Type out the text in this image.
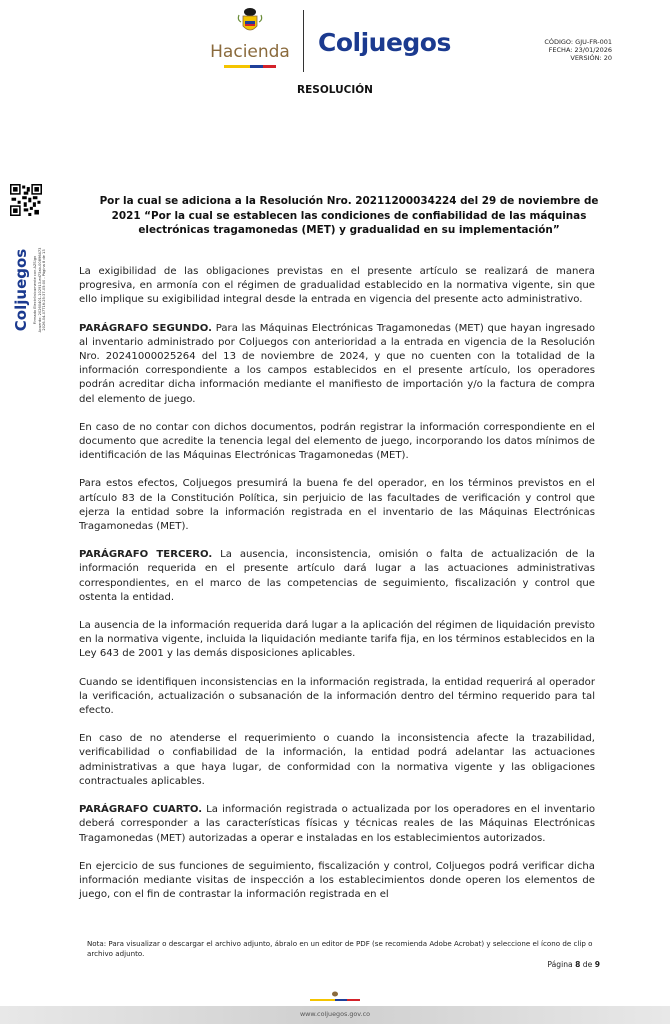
Hacienda	Coljuegos	CÓDIGO: GJU-FR-001
FECHA: 23/01/2026
VERSIÓN: 20
RESOLUCIÓN
Coljuegos Firmado Electrónicamente con AZSign Acuerdo: 20260401-102913-ed73ab-00896473 2026-04-07T16:25:37-05:00 - Página 8 de 13
Por la cual se adiciona a la Resolución Nro. 20211200034224 del 29 de noviembre de 2021 “Por la cual se establecen las condiciones de confiabilidad de las máquinas electrónicas tragamonedas (MET) y gradualidad en su implementación”

La exigibilidad de las obligaciones previstas en el presente artículo se realizará de manera progresiva, en armonía con el régimen de gradualidad establecido en la normativa vigente, sin que ello implique su exigibilidad integral desde la entrada en vigencia del presente acto administrativo.

PARÁGRAFO SEGUNDO. Para las Máquinas Electrónicas Tragamonedas (MET) que hayan ingresado al inventario administrado por Coljuegos con anterioridad a la entrada en vigencia de la Resolución Nro. 20241000025264 del 13 de noviembre de 2024, y que no cuenten con la totalidad de la información correspondiente a los campos establecidos en el presente artículo, los operadores podrán acreditar dicha información mediante el manifiesto de importación y/o la factura de compra del elemento de juego.

En caso de no contar con dichos documentos, podrán registrar la información correspondiente en el documento que acredite la tenencia legal del elemento de juego, incorporando los datos mínimos de identificación de las Máquinas Electrónicas Tragamonedas (MET).

Para estos efectos, Coljuegos presumirá la buena fe del operador, en los términos previstos en el artículo 83 de la Constitución Política, sin perjuicio de las facultades de verificación y control que ejerza la entidad sobre la información registrada en el inventario de las Máquinas Electrónicas Tragamonedas (MET).

PARÁGRAFO TERCERO. La ausencia, inconsistencia, omisión o falta de actualización de la información requerida en el presente artículo dará lugar a las actuaciones administrativas correspondientes, en el marco de las competencias de seguimiento, fiscalización y control que ostenta la entidad.

La ausencia de la información requerida dará lugar a la aplicación del régimen de liquidación previsto en la normativa vigente, incluida la liquidación mediante tarifa fija, en los términos establecidos en la Ley 643 de 2001 y las demás disposiciones aplicables.

Cuando se identifiquen inconsistencias en la información registrada, la entidad requerirá al operador la verificación, actualización o subsanación de la información dentro del término requerido para tal efecto.

En caso de no atenderse el requerimiento o cuando la inconsistencia afecte la trazabilidad, verificabilidad o confiabilidad de la información, la entidad podrá adelantar las actuaciones administrativas a que haya lugar, de conformidad con la normativa vigente y las obligaciones contractuales aplicables.

PARÁGRAFO CUARTO. La información registrada o actualizada por los operadores en el inventario deberá corresponder a las características físicas y técnicas reales de las Máquinas Electrónicas Tragamonedas (MET) autorizadas a operar e instaladas en los establecimientos autorizados.

En ejercicio de sus funciones de seguimiento, fiscalización y control, Coljuegos podrá verificar dicha información mediante visitas de inspección a los establecimientos donde operen los elementos de juego, con el fin de contrastar la información registrada en el

Nota: Para visualizar o descargar el archivo adjunto, ábralo en un editor de PDF (se recomienda Adobe Acrobat) y seleccione el ícono de clip o archivo adjunto.
Página 8 de 9
www.coljuegos.gov.co
